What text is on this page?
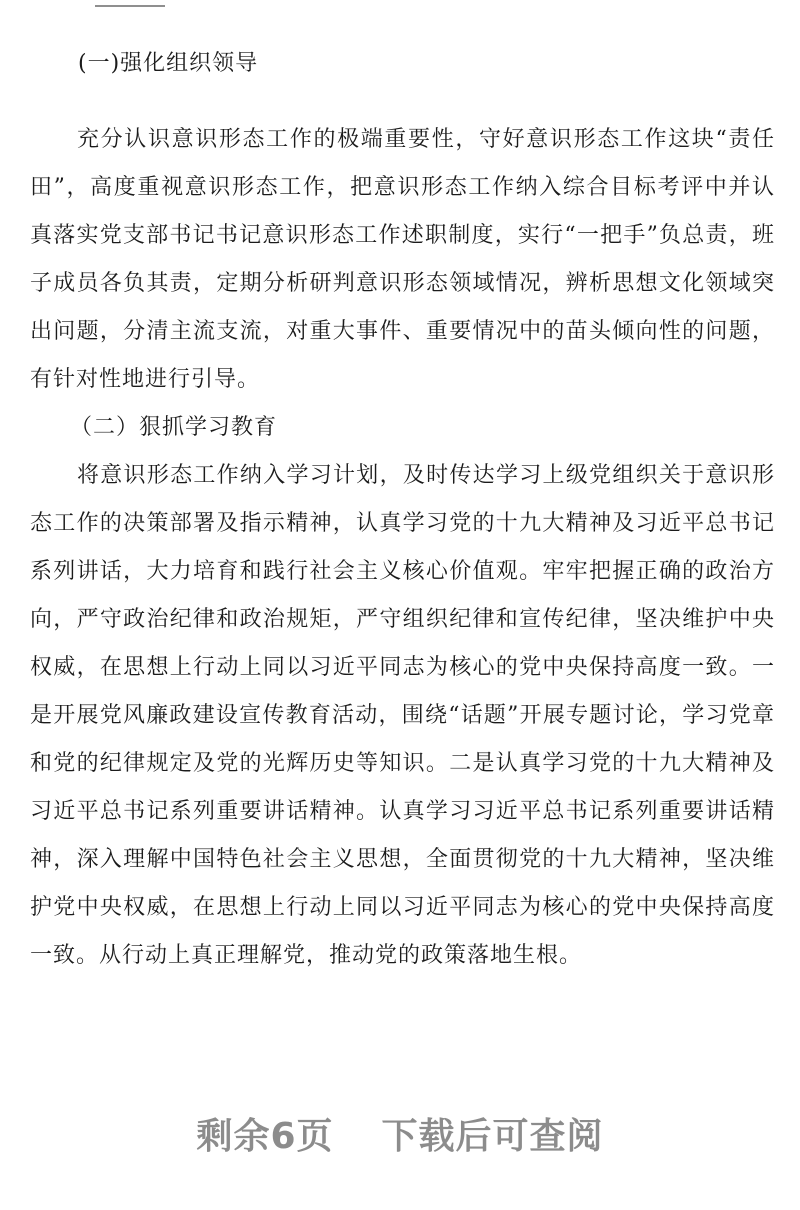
(一)强化组织领导

充分认识意识形态工作的极端重要性，守好意识形态工作这块“责任田”，高度重视意识形态工作，把意识形态工作纳入综合目标考评中并认真落实党支部书记书记意识形态工作述职制度，实行“一把手”负总责，班子成员各负其责，定期分析研判意识形态领域情况，辨析思想文化领域突出问题，分清主流支流，对重大事件、重要情况中的苗头倾向性的问题，有针对性地进行引导。

（二）狠抓学习教育

将意识形态工作纳入学习计划，及时传达学习上级党组织关于意识形态工作的决策部署及指示精神，认真学习党的十九大精神及习近平总书记系列讲话，大力培育和践行社会主义核心价值观。牢牢把握正确的政治方向，严守政治纪律和政治规矩，严守组织纪律和宣传纪律，坚决维护中央权威，在思想上行动上同以习近平同志为核心的党中央保持高度一致。一是开展党风廉政建设宣传教育活动，围绕“话题”开展专题讨论，学习党章和党的纪律规定及党的光辉历史等知识。二是认真学习党的十九大精神及习近平总书记系列重要讲话精神。认真学习习近平总书记系列重要讲话精神，深入理解中国特色社会主义思想，全面贯彻党的十九大精神，坚决维护党中央权威，在思想上行动上同以习近平同志为核心的党中央保持高度一致。从行动上真正理解党，推动党的政策落地生根。

剩余6页 下载后可查阅
